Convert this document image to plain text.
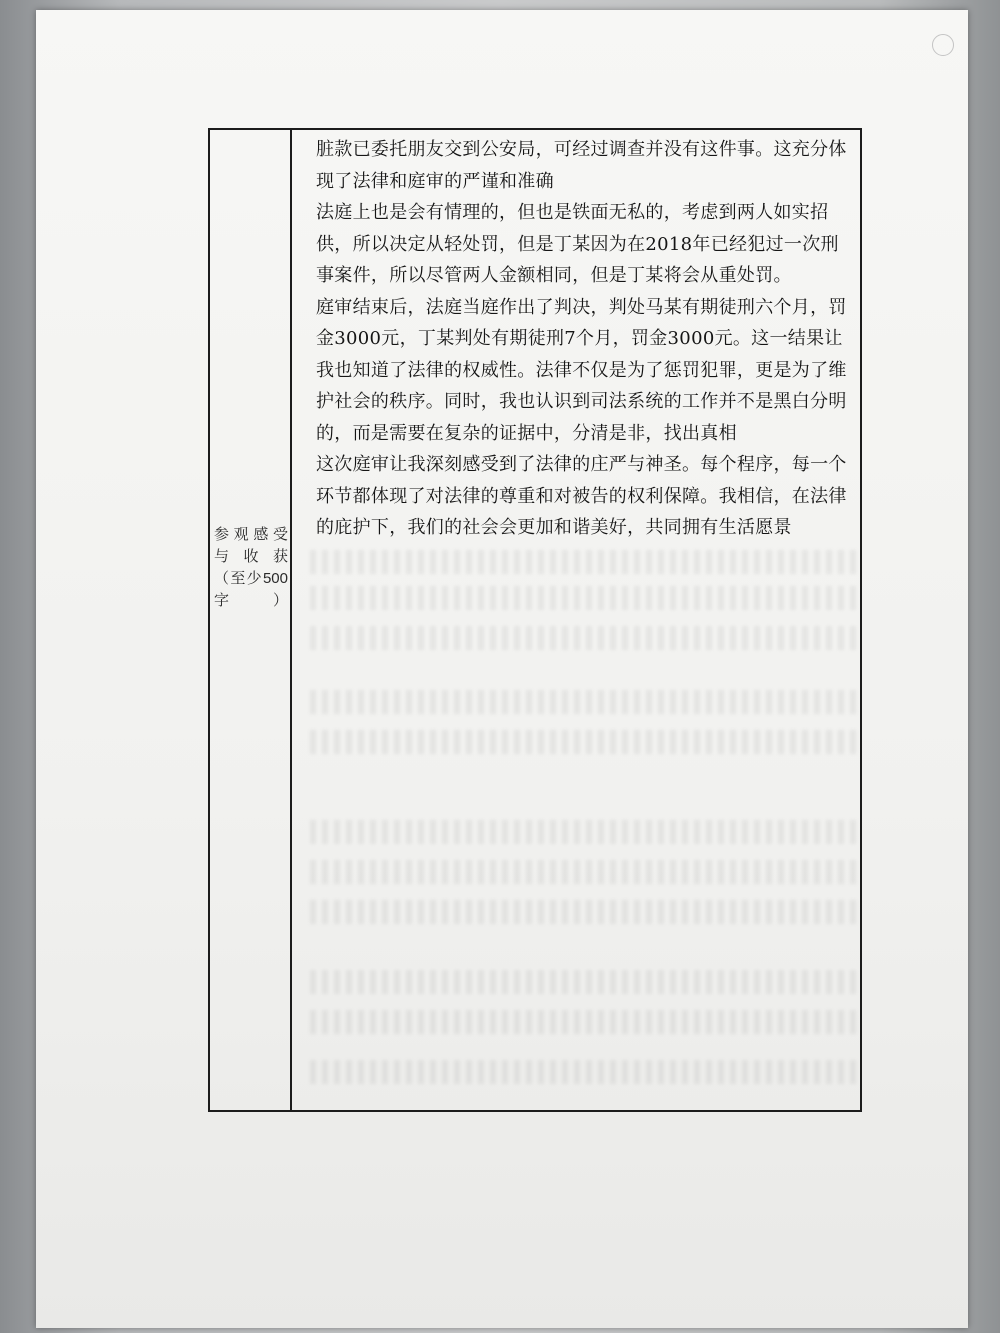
参观感受与收获（至少500字）

脏款已委托朋友交到公安局，可经过调查并没有这件事。这充分体现了法律和庭审的严谨和准确

法庭上也是会有情理的，但也是铁面无私的，考虑到两人如实招供，所以决定从轻处罚，但是丁某因为在2018年已经犯过一次刑事案件，所以尽管两人金额相同，但是丁某将会从重处罚。

庭审结束后，法庭当庭作出了判决，判处马某有期徒刑六个月，罚金3000元，丁某判处有期徒刑7个月，罚金3000元。这一结果让我也知道了法律的权威性。法律不仅是为了惩罚犯罪，更是为了维护社会的秩序。同时，我也认识到司法系统的工作并不是黑白分明的，而是需要在复杂的证据中，分清是非，找出真相

这次庭审让我深刻感受到了法律的庄严与神圣。每个程序，每一个环节都体现了对法律的尊重和对被告的权利保障。我相信，在法律的庇护下，我们的社会会更加和谐美好，共同拥有生活愿景
